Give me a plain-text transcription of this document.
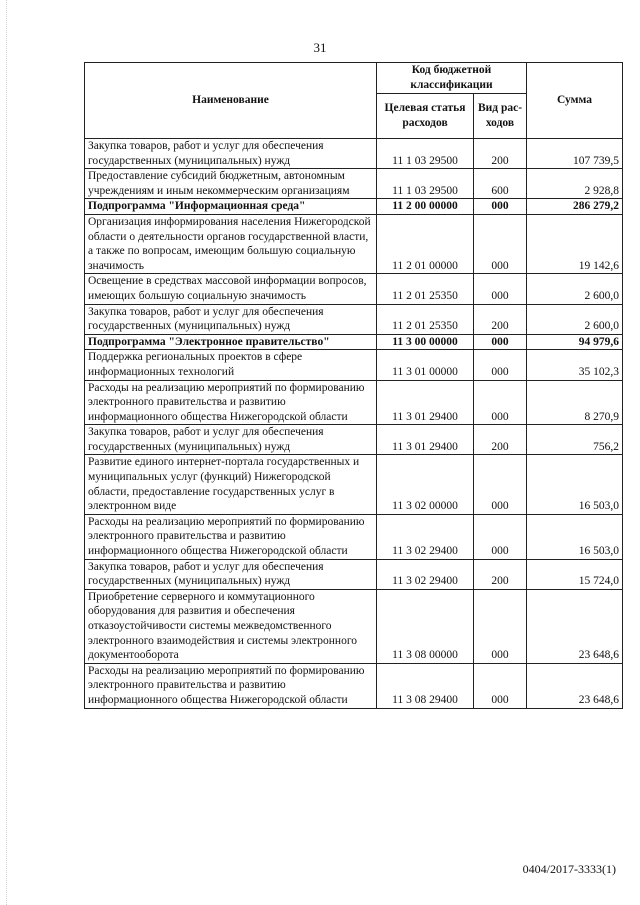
31
Наименование	Код бюджетной классификации		Сумма
	Целевая статья расходов	Вид рас-ходов	
Закупка товаров, работ и услуг для обеспечения государственных (муниципальных) нужд	11 1 03 29500	200	107 739,5
Предоставление субсидий бюджетным, автономным учреждениям и иным некоммерческим организациям	11 1 03 29500	600	2 928,8
Подпрограмма "Информационная среда"	11 2 00 00000	000	286 279,2
Организация информирования населения Нижегородской области о деятельности органов государственной власти, а также по вопросам, имеющим большую социальную значимость	11 2 01 00000	000	19 142,6
Освещение в средствах массовой информации вопросов, имеющих большую социальную значимость	11 2 01 25350	000	2 600,0
Закупка товаров, работ и услуг для обеспечения государственных (муниципальных) нужд	11 2 01 25350	200	2 600,0
Подпрограмма "Электронное правительство"	11 3 00 00000	000	94 979,6
Поддержка региональных проектов в сфере информационных технологий	11 3 01 00000	000	35 102,3
Расходы на реализацию мероприятий по формированию электронного правительства и развитию информационного общества Нижегородской области	11 3 01 29400	000	8 270,9
Закупка товаров, работ и услуг для обеспечения государственных (муниципальных) нужд	11 3 01 29400	200	756,2
Развитие единого интернет-портала государственных и муниципальных услуг (функций) Нижегородской области, предоставление государственных услуг в электронном виде	11 3 02 00000	000	16 503,0
Расходы на реализацию мероприятий по формированию электронного правительства и развитию информационного общества Нижегородской области	11 3 02 29400	000	16 503,0
Закупка товаров, работ и услуг для обеспечения государственных (муниципальных) нужд	11 3 02 29400	200	15 724,0
Приобретение серверного и коммутационного оборудования для развития и обеспечения отказоустойчивости системы межведомственного электронного взаимодействия и системы электронного документооборота	11 3 08 00000	000	23 648,6
Расходы на реализацию мероприятий по формированию электронного правительства и развитию информационного общества Нижегородской области	11 3 08 29400	000	23 648,6
0404/2017-3333(1)
